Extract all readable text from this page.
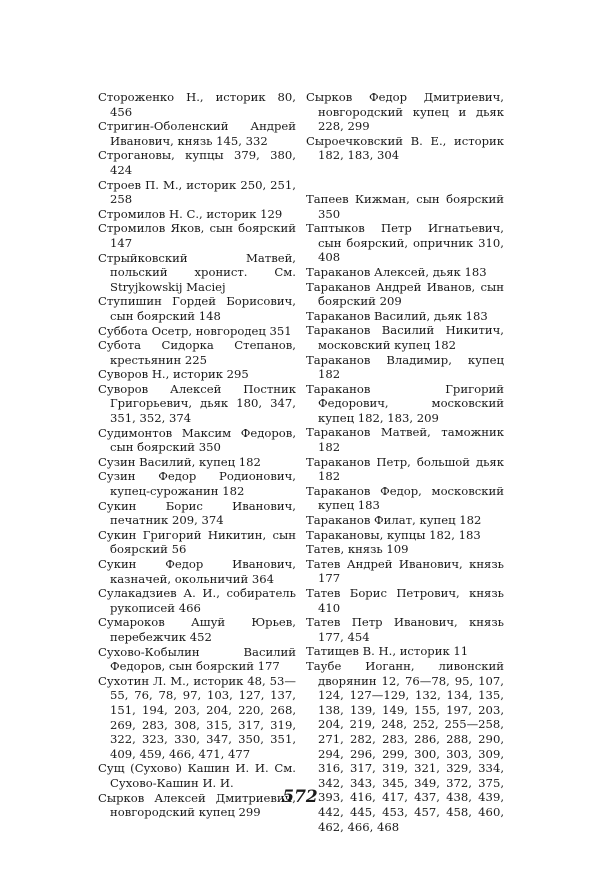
Стороженко Н., историк 80, 456
Стригин-Оболенский Андрей Иванович, князь 145, 332
Строгановы, купцы 379, 380, 424
Строев П. М., историк 250, 251, 258
Стромилов Н. С., историк 129
Стромилов Яков, сын боярский 147
Стрыйковский Матвей, польский хронист. См. Stryjkowskij Maciej
Ступишин Гордей Борисович, сын боярский 148
Суббота Осетр, новгородец 351
Субота Сидорка Степанов, крестьянин 225
Суворов Н., историк 295
Суворов Алексей Постник Григорьевич, дьяк 180, 347, 351, 352, 374
Судимонтов Максим Федоров, сын боярский 350
Сузин Василий, купец 182
Сузин Федор Родионович, купец-сурожанин 182
Сукин Борис Иванович, печатник 209, 374
Сукин Григорий Никитин, сын боярский 56
Сукин Федор Иванович, казначей, окольничий 364
Сулакадзиев А. И., собиратель рукописей 466
Сумароков Ашуй Юрьев, перебежчик 452
Сухово-Кобылин Василий Федоров, сын боярский 177
Сухотин Л. М., историк 48, 53—55, 76, 78, 97, 103, 127, 137, 151, 194, 203, 204, 220, 268, 269, 283, 308, 315, 317, 319, 322, 323, 330, 347, 350, 351, 409, 459, 466, 471, 477
Сущ (Сухово) Кашин И. И. См. Сухово-Кашин И. И.
Сырков Алексей Дмитриевич, новгородский купец 299
Сырков Федор Дмитриевич, новгородский купец и дьяк 228, 299
Сыроечковский В. Е., историк 182, 183, 304
Тапеев Кижман, сын боярский 350
Таптыков Петр Игнатьевич, сын боярский, опричник 310, 408
Тараканов Алексей, дьяк 183
Тараканов Андрей Иванов, сын боярский 209
Тараканов Василий, дьяк 183
Тараканов Василий Никитич, московский купец 182
Тараканов Владимир, купец 182
Тараканов Григорий Федорович, московский купец 182, 183, 209
Тараканов Матвей, таможник 182
Тараканов Петр, большой дьяк 182
Тараканов Федор, московский купец 183
Тараканов Филат, купец 182
Таракановы, купцы 182, 183
Татев, князь 109
Татев Андрей Иванович, князь 177
Татев Борис Петрович, князь 410
Татев Петр Иванович, князь 177, 454
Татищев В. Н., историк 11
Таубе Иоганн, ливонский дворянин 12, 76—78, 95, 107, 124, 127—129, 132, 134, 135, 138, 139, 149, 155, 197, 203, 204, 219, 248, 252, 255—258, 271, 282, 283, 286, 288, 290, 294, 296, 299, 300, 303, 309, 316, 317, 319, 321, 329, 334, 342, 343, 345, 349, 372, 375, 393, 416, 417, 437, 438, 439, 442, 445, 453, 457, 458, 460, 462, 466, 468
572
